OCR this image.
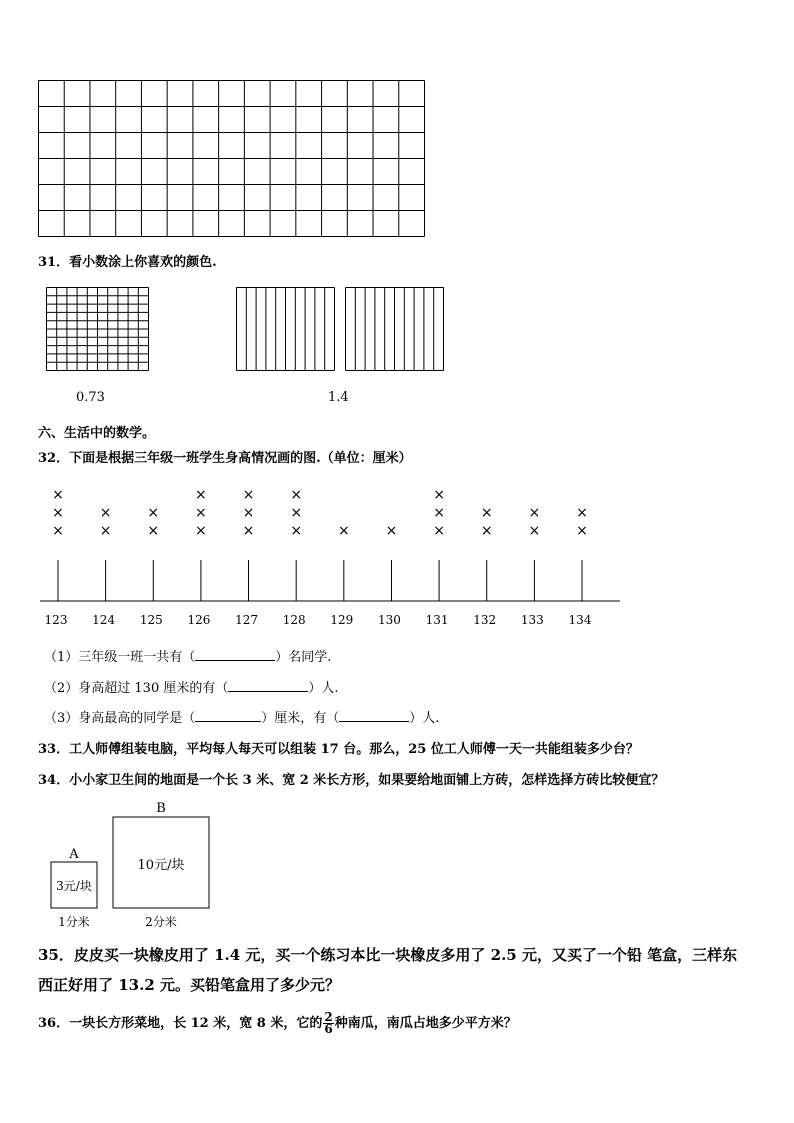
31．看小数涂上你喜欢的颜色.
0.73	1.4
六、生活中的数学。
32．下面是根据三年级一班学生身高情况画的图.（单位：厘米）
123
×
×
×
124
×
×
125
×
×
126
×
×
×
127
×
×
×
128
×
×
×
129
×
130
×
131
×
×
×
132
×
×
133
×
×
134
×
×
（1）三年级一班一共有（	）名同学.
（2）身高超过 130 厘米的有（	）人.
（3）身高最高的同学是（	）厘米，有（	）人.
33．工人师傅组装电脑，平均每人每天可以组装 17 台。那么，25 位工人师傅一天一共能组装多少台？
34．小小家卫生间的地面是一个长 3 米、宽 2 米长方形，如果要给地面铺上方砖，怎样选择方砖比较便宜？
A
3元/块
1分米
B
10元/块
2分米
35．皮皮买一块橡皮用了 1.4 元，买一个练习本比一块橡皮多用了 2.5 元，又买了一个铅 笔盒，三样东
西正好用了 13.2 元。买铅笔盒用了多少元？
36．一块长方形菜地，长 12 米，宽 8 米，它的 $\frac{2}{6}$ 种南瓜，南瓜占地多少平方米？
